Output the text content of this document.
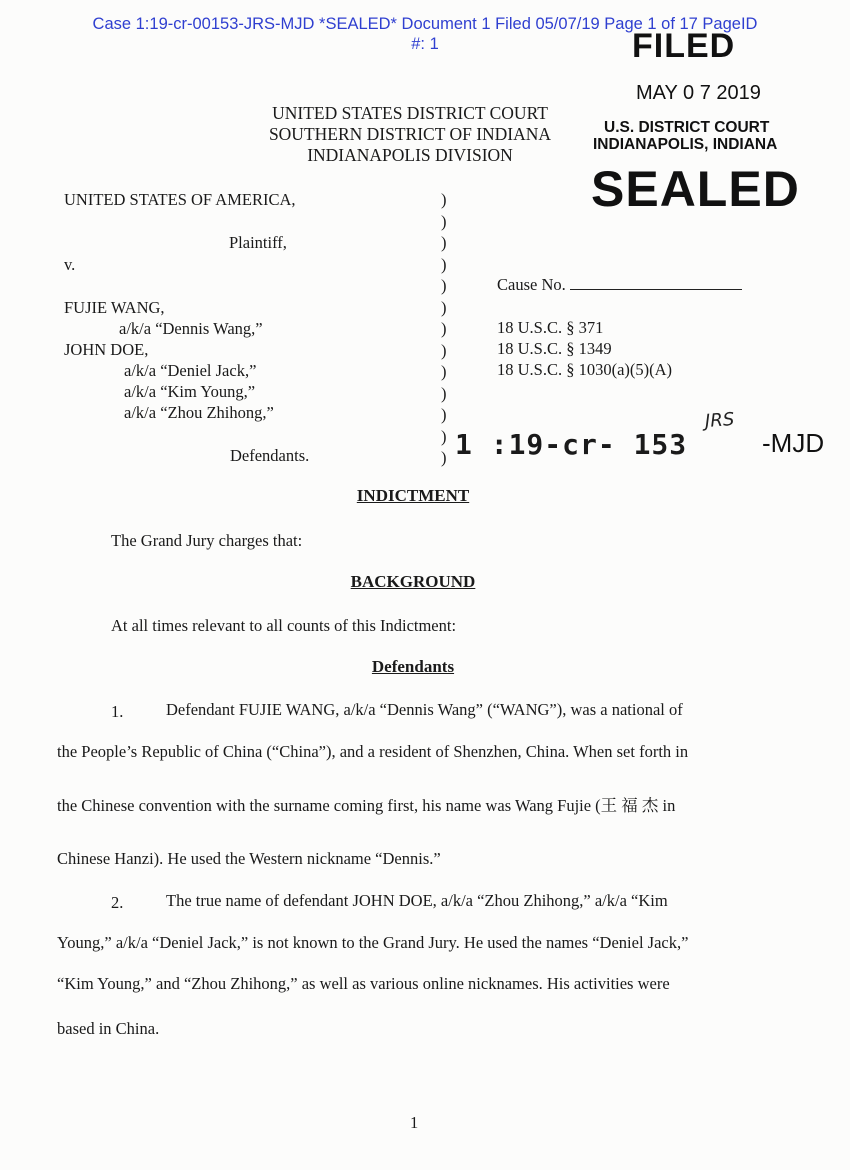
Case 1:19-cr-00153-JRS-MJD *SEALED* Document 1 Filed 05/07/19 Page 1 of 17 PageID
#: 1	FILED
MAY 0 7 2019
U.S. DISTRICT COURT
INDIANAPOLIS, INDIANA
SEALED
UNITED STATES DISTRICT COURT
SOUTHERN DISTRICT OF INDIANA
INDIANAPOLIS DIVISION
UNITED STATES OF AMERICA,
Plaintiff,
v.
FUJIE WANG,
a/k/a “Dennis Wang,”
JOHN DOE,
a/k/a “Deniel Jack,”
a/k/a “Kim Young,”
a/k/a “Zhou Zhihong,”
Defendants.
)
)
)
)
)
)
)
)
)
)
)
)
)
Cause No.
18 U.S.C. § 371
18 U.S.C. § 1349
18 U.S.C. § 1030(a)(5)(A)
1 :19-cr- 153
JRS
-MJD
INDICTMENT
The Grand Jury charges that:
BACKGROUND
At all times relevant to all counts of this Indictment:
Defendants
1.	Defendant FUJIE WANG, a/k/a “Dennis Wang” (“WANG”), was a national of
the People’s Republic of China (“China”), and a resident of Shenzhen, China. When set forth in
the Chinese convention with the surname coming first, his name was Wang Fujie (王 福 杰 in
Chinese Hanzi). He used the Western nickname “Dennis.”
2.	The true name of defendant JOHN DOE, a/k/a “Zhou Zhihong,” a/k/a “Kim
Young,” a/k/a “Deniel Jack,” is not known to the Grand Jury. He used the names “Deniel Jack,”
“Kim Young,” and “Zhou Zhihong,” as well as various online nicknames. His activities were
based in China.
1
